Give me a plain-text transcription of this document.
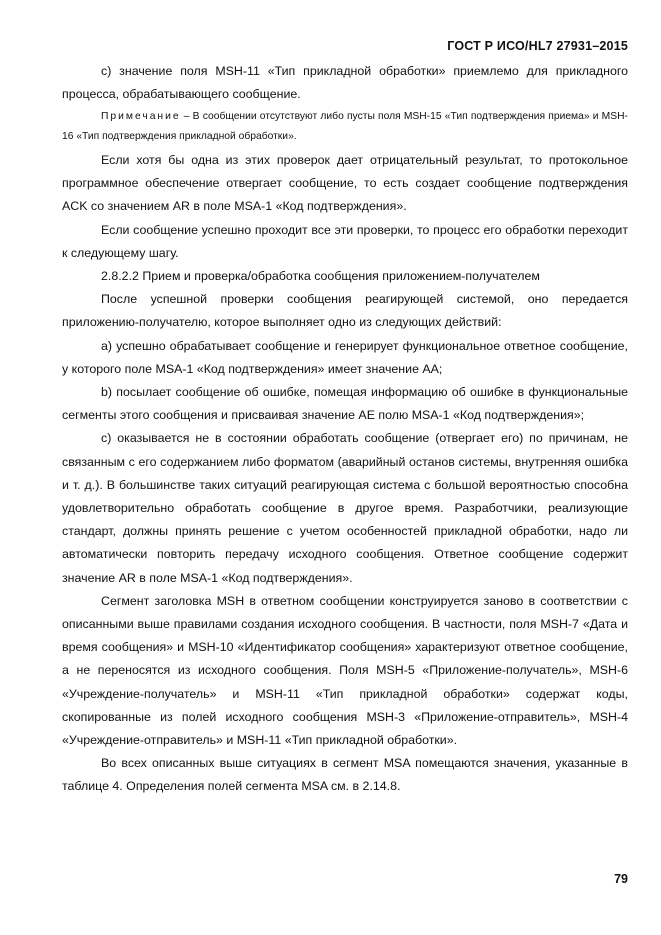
ГОСТ Р ИСО/HL7 27931–2015

c) значение поля MSH-11 «Тип прикладной обработки» приемлемо для прикладного процесса, обрабатывающего сообщение.

Примечание – В сообщении отсутствуют либо пусты поля MSH-15 «Тип подтверждения приема» и MSH-16 «Тип подтверждения прикладной обработки».

Если хотя бы одна из этих проверок дает отрицательный результат, то протокольное программное обеспечение отвергает сообщение, то есть создает сообщение подтверждения ACK со значением AR в поле MSA-1 «Код подтверждения».

Если сообщение успешно проходит все эти проверки, то процесс его обработки переходит к следующему шагу.

2.8.2.2 Прием и проверка/обработка сообщения приложением-получателем

После успешной проверки сообщения реагирующей системой, оно передается приложению-получателю, которое выполняет одно из следующих действий:

a) успешно обрабатывает сообщение и генерирует функциональное ответное сообщение, у которого поле MSA-1 «Код подтверждения» имеет значение AA;

b) посылает сообщение об ошибке, помещая информацию об ошибке в функциональные сегменты этого сообщения и присваивая значение AE полю MSA-1 «Код подтверждения»;

c) оказывается не в состоянии обработать сообщение (отвергает его) по причинам, не связанным с его содержанием либо форматом (аварийный останов системы, внутренняя ошибка и т. д.). В большинстве таких ситуаций реагирующая система с большой вероятностью способна удовлетворительно обработать сообщение в другое время. Разработчики, реализующие стандарт, должны принять решение с учетом особенностей прикладной обработки, надо ли автоматически повторить передачу исходного сообщения. Ответное сообщение содержит значение AR в поле MSA-1 «Код подтверждения».

Сегмент заголовка MSH в ответном сообщении конструируется заново в соответствии с описанными выше правилами создания исходного сообщения. В частности, поля MSH-7 «Дата и время сообщения» и MSH-10 «Идентификатор сообщения» характеризуют ответное сообщение, а не переносятся из исходного сообщения. Поля MSH-5 «Приложение-получатель», MSH-6 «Учреждение-получатель» и MSH-11 «Тип прикладной обработки» содержат коды, скопированные из полей исходного сообщения MSH-3 «Приложение-отправитель», MSH-4 «Учреждение-отправитель» и MSH-11 «Тип прикладной обработки».

Во всех описанных выше ситуациях в сегмент MSA помещаются значения, указанные в таблице 4. Определения полей сегмента MSA см. в 2.14.8.

79
